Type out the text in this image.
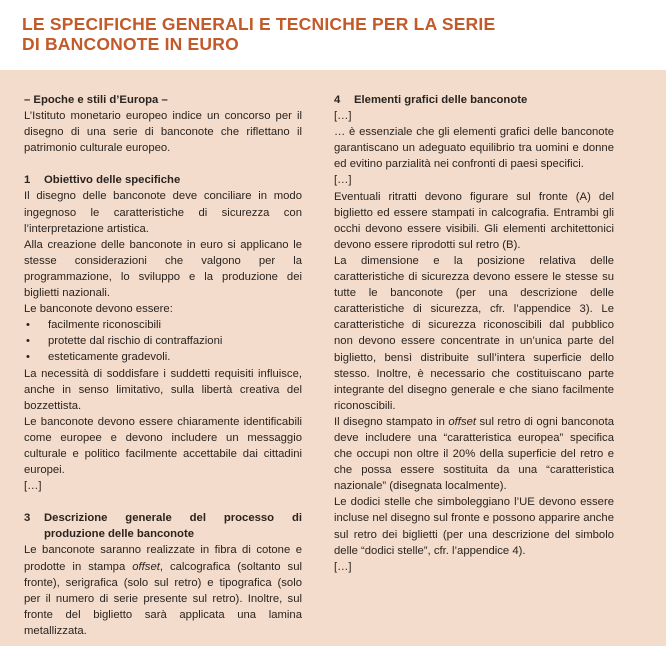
LE SPECIFICHE GENERALI E TECNICHE PER LA SERIE
DI BANCONOTE IN EURO

– Epoche e stili d’Europa –

L’Istituto monetario europeo indice un concorso per il disegno di una serie di banconote che riflettano il patrimonio culturale europeo.

1	Obiettivo delle specifiche

Il disegno delle banconote deve conciliare in modo ingegnoso le caratteristiche di sicurezza con l’interpretazione artistica.

Alla creazione delle banconote in euro si applicano le stesse considerazioni che valgono per la programmazione, lo sviluppo e la produzione dei biglietti nazionali.

Le banconote devono essere:

• facilmente riconoscibili
• protette dal rischio di contraffazioni
• esteticamente gradevoli.

La necessità di soddisfare i suddetti requisiti influisce, anche in senso limitativo, sulla libertà creativa del bozzettista.

Le banconote devono essere chiaramente identificabili come europee e devono includere un messaggio culturale e politico facilmente accettabile dai cittadini europei.

[…]

3 Descrizione generale del processo di produzione delle banconote

Le banconote saranno realizzate in fibra di cotone e prodotte in stampa offset, calcografica (soltanto sul fronte), serigrafica (solo sul retro) e tipografica (solo per il numero di serie presente sul retro). Inoltre, sul fronte del biglietto sarà applicata una lamina metallizzata.

4	Elementi grafici delle banconote

[…]

… è essenziale che gli elementi grafici delle banconote garantiscano un adeguato equilibrio tra uomini e donne ed evitino parzialità nei confronti di paesi specifici.

[…]

Eventuali ritratti devono figurare sul fronte (A) del biglietto ed essere stampati in calcografia. Entrambi gli occhi devono essere visibili. Gli elementi architettonici devono essere riprodotti sul retro (B).

La dimensione e la posizione relativa delle caratteristiche di sicurezza devono essere le stesse su tutte le banconote (per una descrizione delle caratteristiche di sicurezza, cfr. l’appendice 3). Le caratteristiche di sicurezza riconoscibili dal pubblico non devono essere concentrate in un’unica parte del biglietto, bensì distribuite sull’intera superficie dello stesso. Inoltre, è necessario che costituiscano parte integrante del disegno generale e che siano facilmente riconoscibili.

Il disegno stampato in offset sul retro di ogni banconota deve includere una “caratteristica europea” specifica che occupi non oltre il 20% della superficie del retro e che possa essere sostituita da una “caratteristica nazionale” (disegnata localmente).

Le dodici stelle che simboleggiano l’UE devono essere incluse nel disegno sul fronte e possono apparire anche sul retro dei biglietti (per una descrizione del simbolo delle “dodici stelle”, cfr. l’appendice 4).

[…]
